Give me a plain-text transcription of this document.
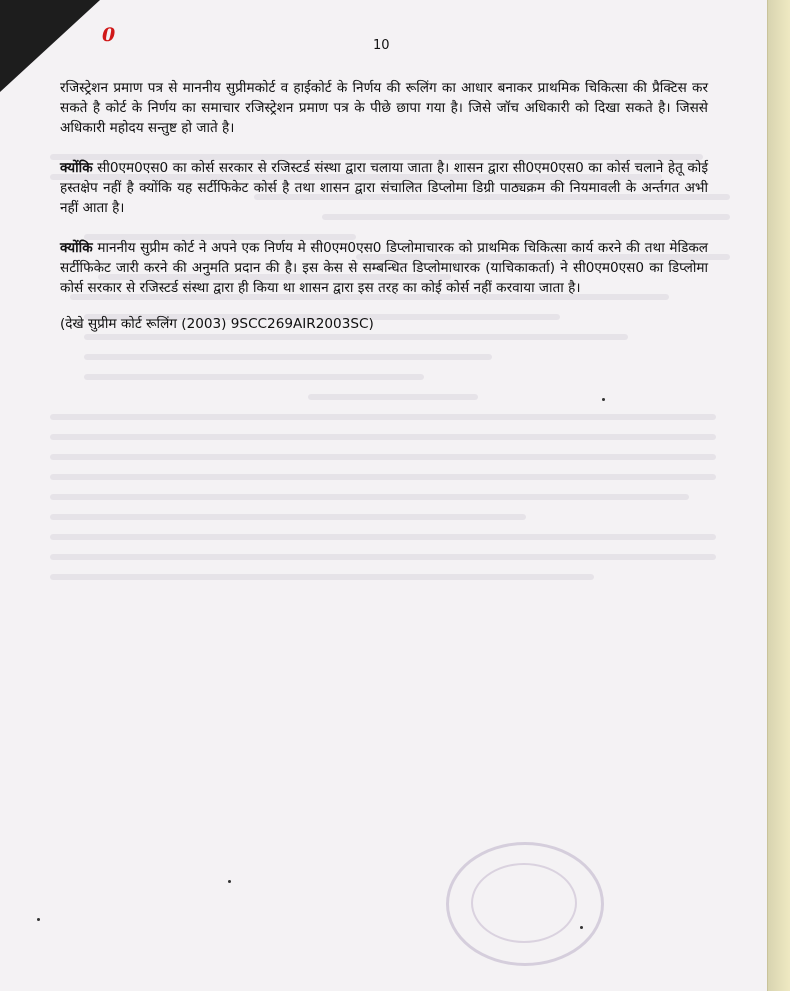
0	10

रजिस्ट्रेशन प्रमाण पत्र से माननीय सुप्रीमकोर्ट व हाईकोर्ट के निर्णय की रूलिंग का आधार बनाकर प्राथमिक चिकित्सा की प्रैक्टिस कर सकते है कोर्ट के निर्णय का समाचार रजिस्ट्रेशन प्रमाण पत्र के पीछे छापा गया है। जिसे जॉच अधिकारी को दिखा सकते है। जिससे अधिकारी महोदय सन्तुष्ट हो जाते है।

क्योंकि सी0एम0एस0 का कोर्स सरकार से रजिस्टर्ड संस्था द्वारा चलाया जाता है। शासन द्वारा सी0एम0एस0 का कोर्स चलाने हेतू कोई हस्तक्षेप नहीं है क्योंकि यह सर्टीफिकेट कोर्स है तथा शासन द्वारा संचालित डिप्लोमा डिग्री पाठ्यक्रम की नियमावली के अर्न्तगत अभी नहीं आता है।

क्योंकि माननीय सुप्रीम कोर्ट ने अपने एक निर्णय मे सी0एम0एस0 डिप्लोमाचारक को प्राथमिक चिकित्सा कार्य करने की तथा मेडिकल सर्टीफिकेट जारी करने की अनुमति प्रदान की है। इस केस से सम्बन्धित डिप्लोमाधारक (याचिकाकर्ता) ने सी0एम0एस0 का डिप्लोमा कोर्स सरकार से रजिस्टर्ड संस्था द्वारा ही किया था शासन द्वारा इस तरह का कोई कोर्स नहीं करवाया जाता है।

(देखे सुप्रीम कोर्ट रूलिंग (2003) 9SCC269AIR2003SC)
